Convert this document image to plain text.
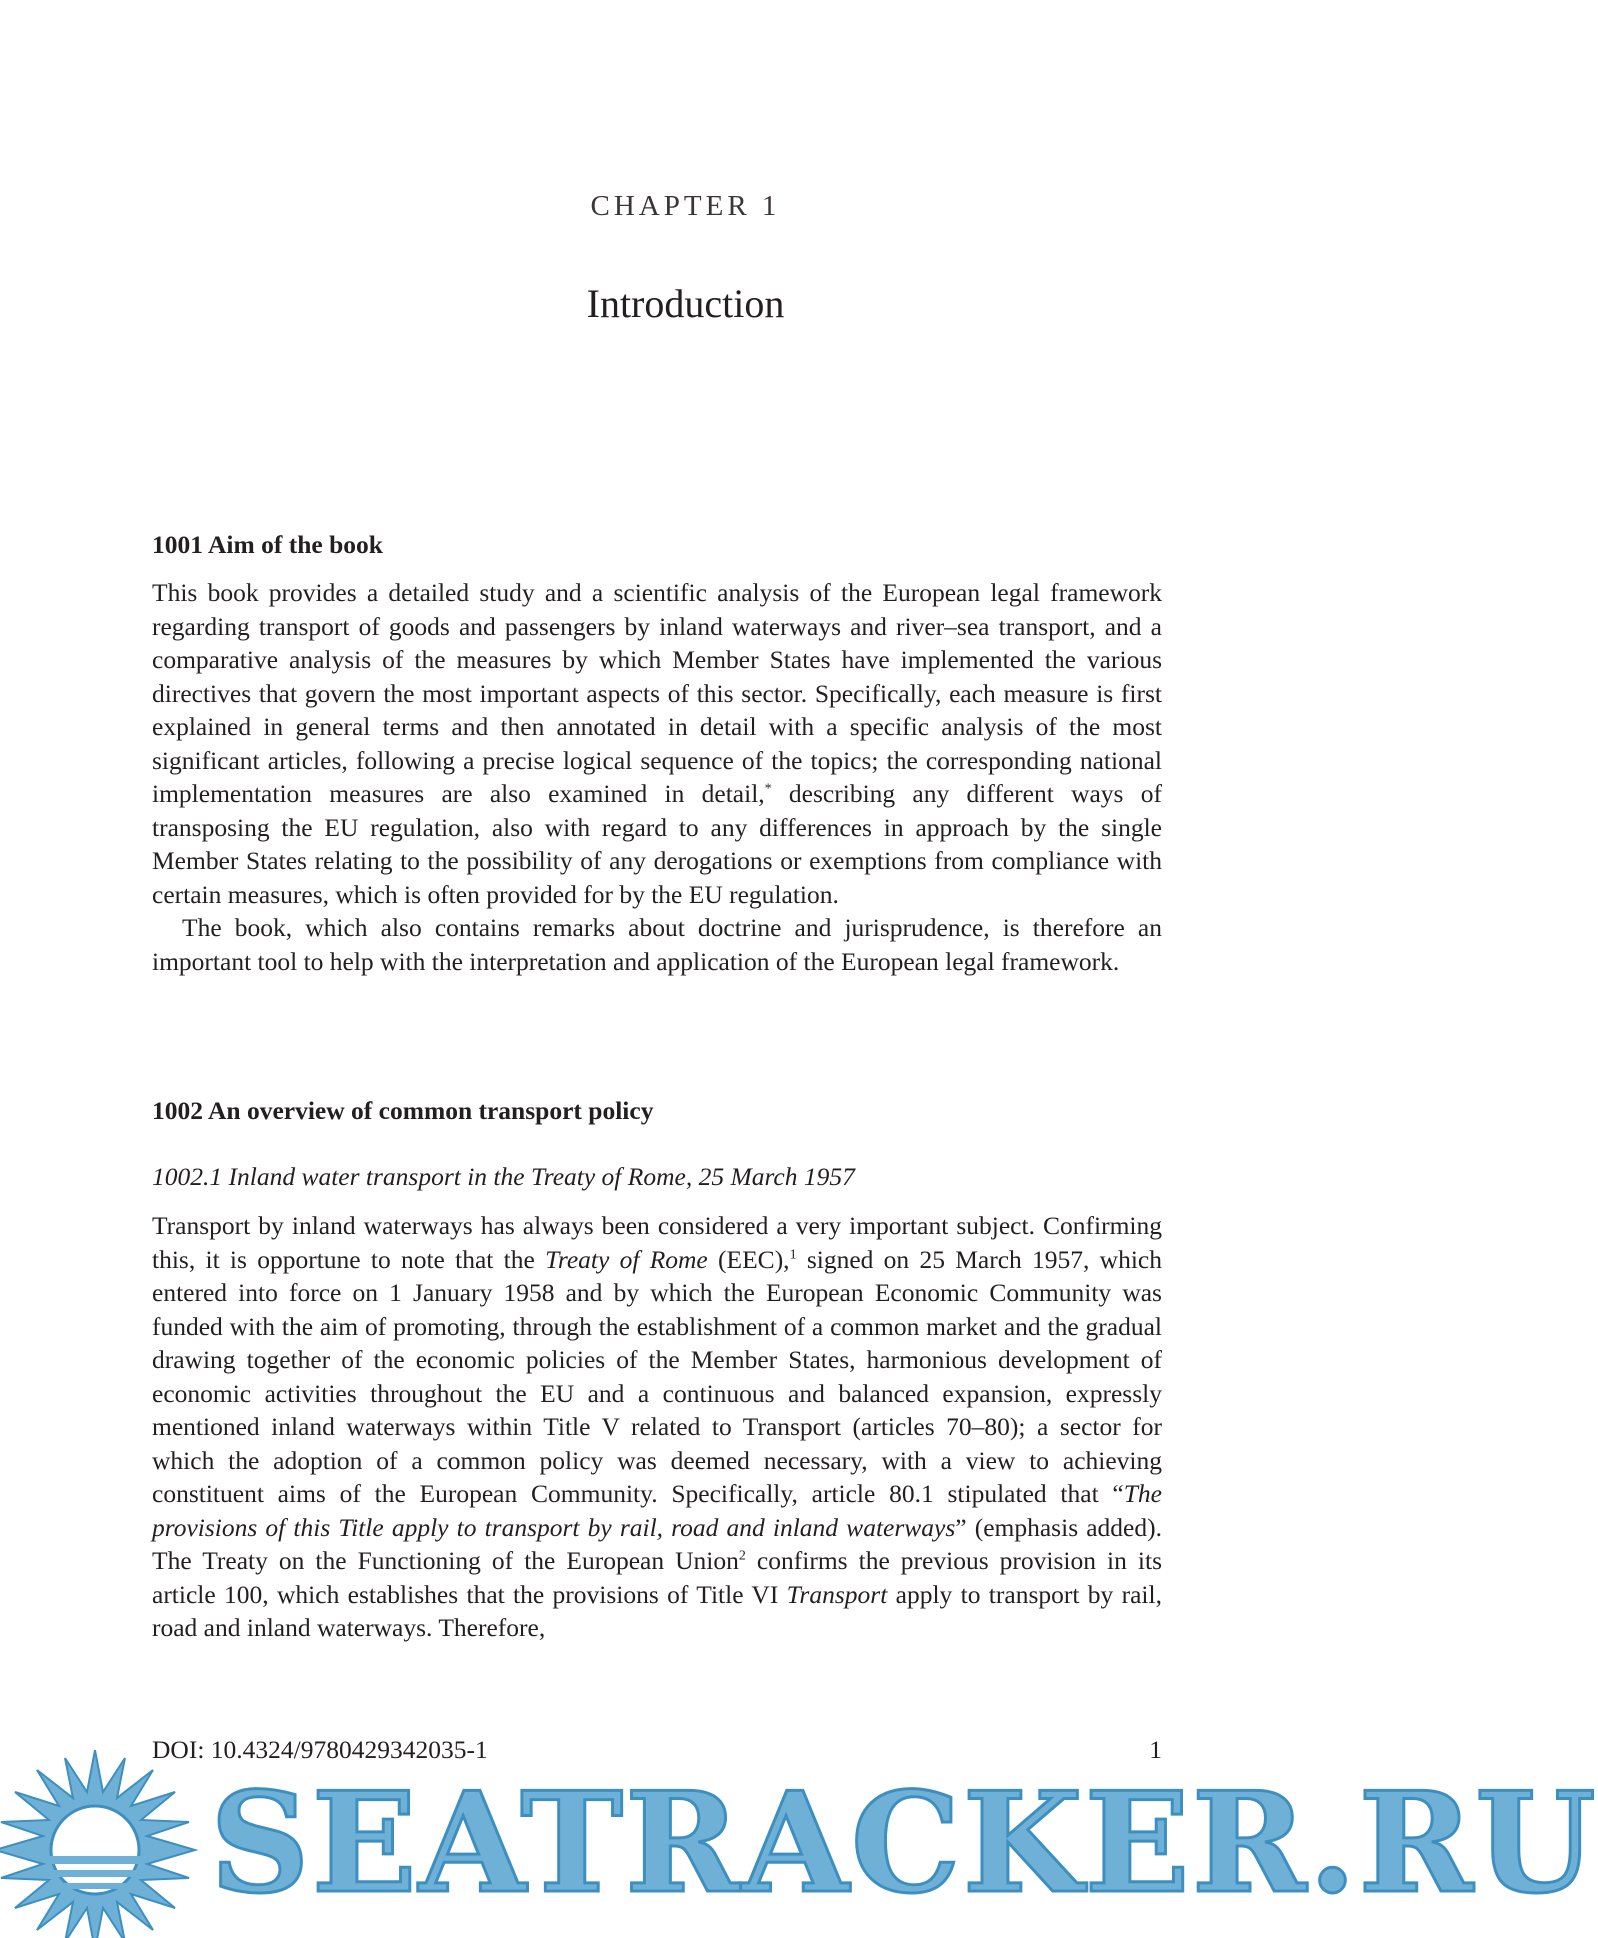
CHAPTER 1
Introduction

1001 Aim of the book

This book provides a detailed study and a scientific analysis of the European legal framework regarding transport of goods and passengers by inland waterways and river–sea transport, and a comparative analysis of the measures by which Member States have implemented the various directives that govern the most important aspects of this sector. Specifically, each measure is first explained in general terms and then annotated in detail with a specific analysis of the most significant articles, following a precise logical sequence of the topics; the corresponding national implementation measures are also examined in detail,* describing any different ways of transposing the EU regulation, also with regard to any differences in approach by the single Member States relating to the possibility of any derogations or exemptions from compliance with certain measures, which is often provided for by the EU regulation.

The book, which also contains remarks about doctrine and jurisprudence, is therefore an important tool to help with the interpretation and application of the European legal framework.

1002 An overview of common transport policy

1002.1 Inland water transport in the Treaty of Rome, 25 March 1957

Transport by inland waterways has always been considered a very important subject. Confirming this, it is opportune to note that the Treaty of Rome (EEC),$^1$ signed on 25 March 1957, which entered into force on 1 January 1958 and by which the European Economic Community was funded with the aim of promoting, through the establishment of a common market and the gradual drawing together of the economic policies of the Member States, harmonious development of economic activities throughout the EU and a continuous and balanced expansion, expressly mentioned inland waterways within Title V related to Transport (articles 70–80); a sector for which the adoption of a common policy was deemed necessary, with a view to achieving constituent aims of the European Community. Specifically, article 80.1 stipulated that “The provisions of this Title apply to transport by rail, road and inland waterways” (emphasis added). The Treaty on the Functioning of the European Union$^2$ confirms the previous provision in its article 100, which establishes that the provisions of Title VI Transport apply to transport by rail, road and inland waterways. Therefore,

DOI: 10.4324/9780429342035-1	1
SEATRACKER.RU
